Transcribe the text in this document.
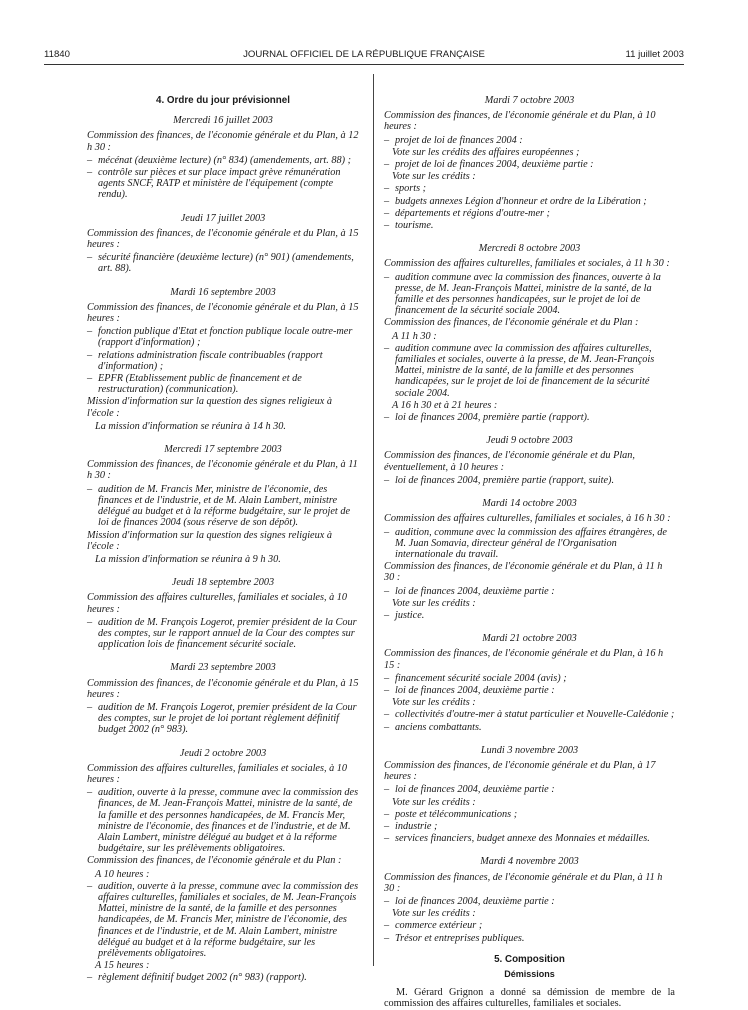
11840	JOURNAL OFFICIEL DE LA RÉPUBLIQUE FRANÇAISE	11 juillet 2003
4. Ordre du jour prévisionnel
Mercredi 16 juillet 2003
Commission des finances, de l'économie générale et du Plan, à 12 h 30 :
– mécénat (deuxième lecture) (n° 834) (amendements, art. 88) ;
– contrôle sur pièces et sur place impact grève rémunération agents SNCF, RATP et ministère de l'équipement (compte rendu).
Jeudi 17 juillet 2003
Commission des finances, de l'économie générale et du Plan, à 15 heures :
– sécurité financière (deuxième lecture) (n° 901) (amendements, art. 88).
Mardi 16 septembre 2003
Commission des finances, de l'économie générale et du Plan, à 15 heures :
– fonction publique d'Etat et fonction publique locale outre-mer (rapport d'information) ;
– relations administration fiscale contribuables (rapport d'information) ;
– EPFR (Etablissement public de financement et de restructuration) (communication).
Mission d'information sur la question des signes religieux à l'école :
La mission d'information se réunira à 14 h 30.
Mercredi 17 septembre 2003
Commission des finances, de l'économie générale et du Plan, à 11 h 30 :
– audition de M. Francis Mer, ministre de l'économie, des finances et de l'industrie, et de M. Alain Lambert, ministre délégué au budget et à la réforme budgétaire, sur le projet de loi de finances 2004 (sous réserve de son dépôt).
Mission d'information sur la question des signes religieux à l'école :
La mission d'information se réunira à 9 h 30.
Jeudi 18 septembre 2003
Commission des affaires culturelles, familiales et sociales, à 10 heures :
– audition de M. François Logerot, premier président de la Cour des comptes, sur le rapport annuel de la Cour des comptes sur application lois de financement sécurité sociale.
Mardi 23 septembre 2003
Commission des finances, de l'économie générale et du Plan, à 15 heures :
– audition de M. François Logerot, premier président de la Cour des comptes, sur le projet de loi portant règlement définitif budget 2002 (n° 983).
Jeudi 2 octobre 2003
Commission des affaires culturelles, familiales et sociales, à 10 heures :
– audition, ouverte à la presse, commune avec la commission des finances, de M. Jean-François Mattei, ministre de la santé, de la famille et des personnes handicapées, de M. Francis Mer, ministre de l'économie, des finances et de l'industrie, et de M. Alain Lambert, ministre délégué au budget et à la réforme budgétaire, sur les prélèvements obligatoires.
Commission des finances, de l'économie générale et du Plan :
A 10 heures :
– audition, ouverte à la presse, commune avec la commission des affaires culturelles, familiales et sociales, de M. Jean-François Mattei, ministre de la santé, de la famille et des personnes handicapées, de M. Francis Mer, ministre de l'économie, des finances et de l'industrie, et de M. Alain Lambert, ministre délégué au budget et à la réforme budgétaire, sur les prélèvements obligatoires.
A 15 heures :
– règlement définitif budget 2002 (n° 983) (rapport).
Mardi 7 octobre 2003
Commission des finances, de l'économie générale et du Plan, à 10 heures :
– projet de loi de finances 2004 :
Vote sur les crédits des affaires européennes ;
– projet de loi de finances 2004, deuxième partie :
Vote sur les crédits :
– sports ;
– budgets annexes Légion d'honneur et ordre de la Libération ;
– départements et régions d'outre-mer ;
– tourisme.
Mercredi 8 octobre 2003
Commission des affaires culturelles, familiales et sociales, à 11 h 30 :
– audition commune avec la commission des finances, ouverte à la presse, de M. Jean-François Mattei, ministre de la santé, de la famille et des personnes handicapées, sur le projet de loi de financement de la sécurité sociale 2004.
Commission des finances, de l'économie générale et du Plan :
A 11 h 30 :
– audition commune avec la commission des affaires culturelles, familiales et sociales, ouverte à la presse, de M. Jean-François Mattei, ministre de la santé, de la famille et des personnes handicapées, sur le projet de loi de financement de la sécurité sociale 2004.
A 16 h 30 et à 21 heures :
– loi de finances 2004, première partie (rapport).
Jeudi 9 octobre 2003
Commission des finances, de l'économie générale et du Plan, éventuellement, à 10 heures :
– loi de finances 2004, première partie (rapport, suite).
Mardi 14 octobre 2003
Commission des affaires culturelles, familiales et sociales, à 16 h 30 :
– audition, commune avec la commission des affaires étrangères, de M. Juan Somavia, directeur général de l'Organisation internationale du travail.
Commission des finances, de l'économie générale et du Plan, à 11 h 30 :
– loi de finances 2004, deuxième partie :
Vote sur les crédits :
– justice.
Mardi 21 octobre 2003
Commission des finances, de l'économie générale et du Plan, à 16 h 15 :
– financement sécurité sociale 2004 (avis) ;
– loi de finances 2004, deuxième partie :
Vote sur les crédits :
– collectivités d'outre-mer à statut particulier et Nouvelle-Calédonie ;
– anciens combattants.
Lundi 3 novembre 2003
Commission des finances, de l'économie générale et du Plan, à 17 heures :
– loi de finances 2004, deuxième partie :
Vote sur les crédits :
– poste et télécommunications ;
– industrie ;
– services financiers, budget annexe des Monnaies et médailles.
Mardi 4 novembre 2003
Commission des finances, de l'économie générale et du Plan, à 11 h 30 :
– loi de finances 2004, deuxième partie :
Vote sur les crédits :
– commerce extérieur ;
– Trésor et entreprises publiques.
5. Composition
Démissions
M. Gérard Grignon a donné sa démission de membre de la commission des affaires culturelles, familiales et sociales.
